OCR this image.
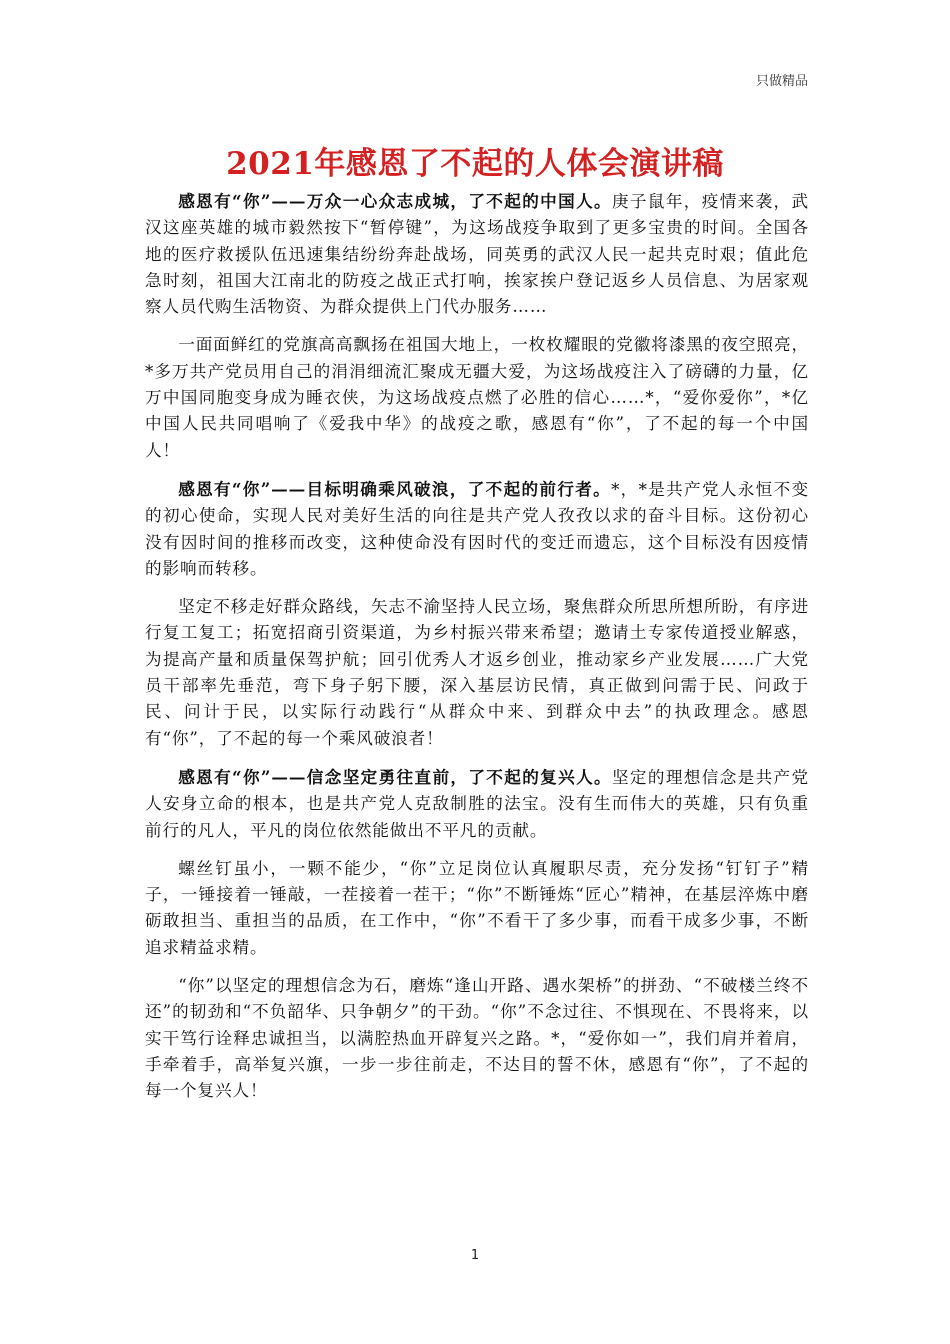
只做精品
2021年感恩了不起的人体会演讲稿

感恩有“你”——万众一心众志成城，了不起的中国人。庚子鼠年，疫情来袭，武汉这座英雄的城市毅然按下“暂停键”，为这场战疫争取到了更多宝贵的时间。全国各地的医疗救援队伍迅速集结纷纷奔赴战场，同英勇的武汉人民一起共克时艰；值此危急时刻，祖国大江南北的防疫之战正式打响，挨家挨户登记返乡人员信息、为居家观察人员代购生活物资、为群众提供上门代办服务……

一面面鲜红的党旗高高飘扬在祖国大地上，一枚枚耀眼的党徽将漆黑的夜空照亮，*多万共产党员用自己的涓涓细流汇聚成无疆大爱，为这场战疫注入了磅礴的力量，亿万中国同胞变身成为睡衣侠，为这场战疫点燃了必胜的信心……*，“爱你爱你”，*亿中国人民共同唱响了《爱我中华》的战疫之歌，感恩有“你”，了不起的每一个中国人！

感恩有“你”——目标明确乘风破浪，了不起的前行者。*，*是共产党人永恒不变的初心使命，实现人民对美好生活的向往是共产党人孜孜以求的奋斗目标。这份初心没有因时间的推移而改变，这种使命没有因时代的变迁而遗忘，这个目标没有因疫情的影响而转移。

坚定不移走好群众路线，矢志不渝坚持人民立场，聚焦群众所思所想所盼，有序进行复工复工；拓宽招商引资渠道，为乡村振兴带来希望；邀请土专家传道授业解惑，为提高产量和质量保驾护航；回引优秀人才返乡创业，推动家乡产业发展……广大党员干部率先垂范，弯下身子躬下腰，深入基层访民情，真正做到问需于民、问政于民、问计于民，以实际行动践行“从群众中来、到群众中去”的执政理念。感恩有“你”，了不起的每一个乘风破浪者！

感恩有“你”——信念坚定勇往直前，了不起的复兴人。坚定的理想信念是共产党人安身立命的根本，也是共产党人克敌制胜的法宝。没有生而伟大的英雄，只有负重前行的凡人，平凡的岗位依然能做出不平凡的贡献。

螺丝钉虽小，一颗不能少，“你”立足岗位认真履职尽责，充分发扬“钉钉子”精子，一锤接着一锤敲，一茬接着一茬干；“你”不断锤炼“匠心”精神，在基层淬炼中磨砺敢担当、重担当的品质，在工作中，“你”不看干了多少事，而看干成多少事，不断追求精益求精。

“你”以坚定的理想信念为石，磨炼“逢山开路、遇水架桥”的拼劲、“不破楼兰终不还”的韧劲和“不负韶华、只争朝夕”的干劲。“你”不念过往、不惧现在、不畏将来，以实干笃行诠释忠诚担当，以满腔热血开辟复兴之路。*，“爱你如一”，我们肩并着肩，手牵着手，高举复兴旗，一步一步往前走，不达目的誓不休，感恩有“你”，了不起的每一个复兴人！

1
